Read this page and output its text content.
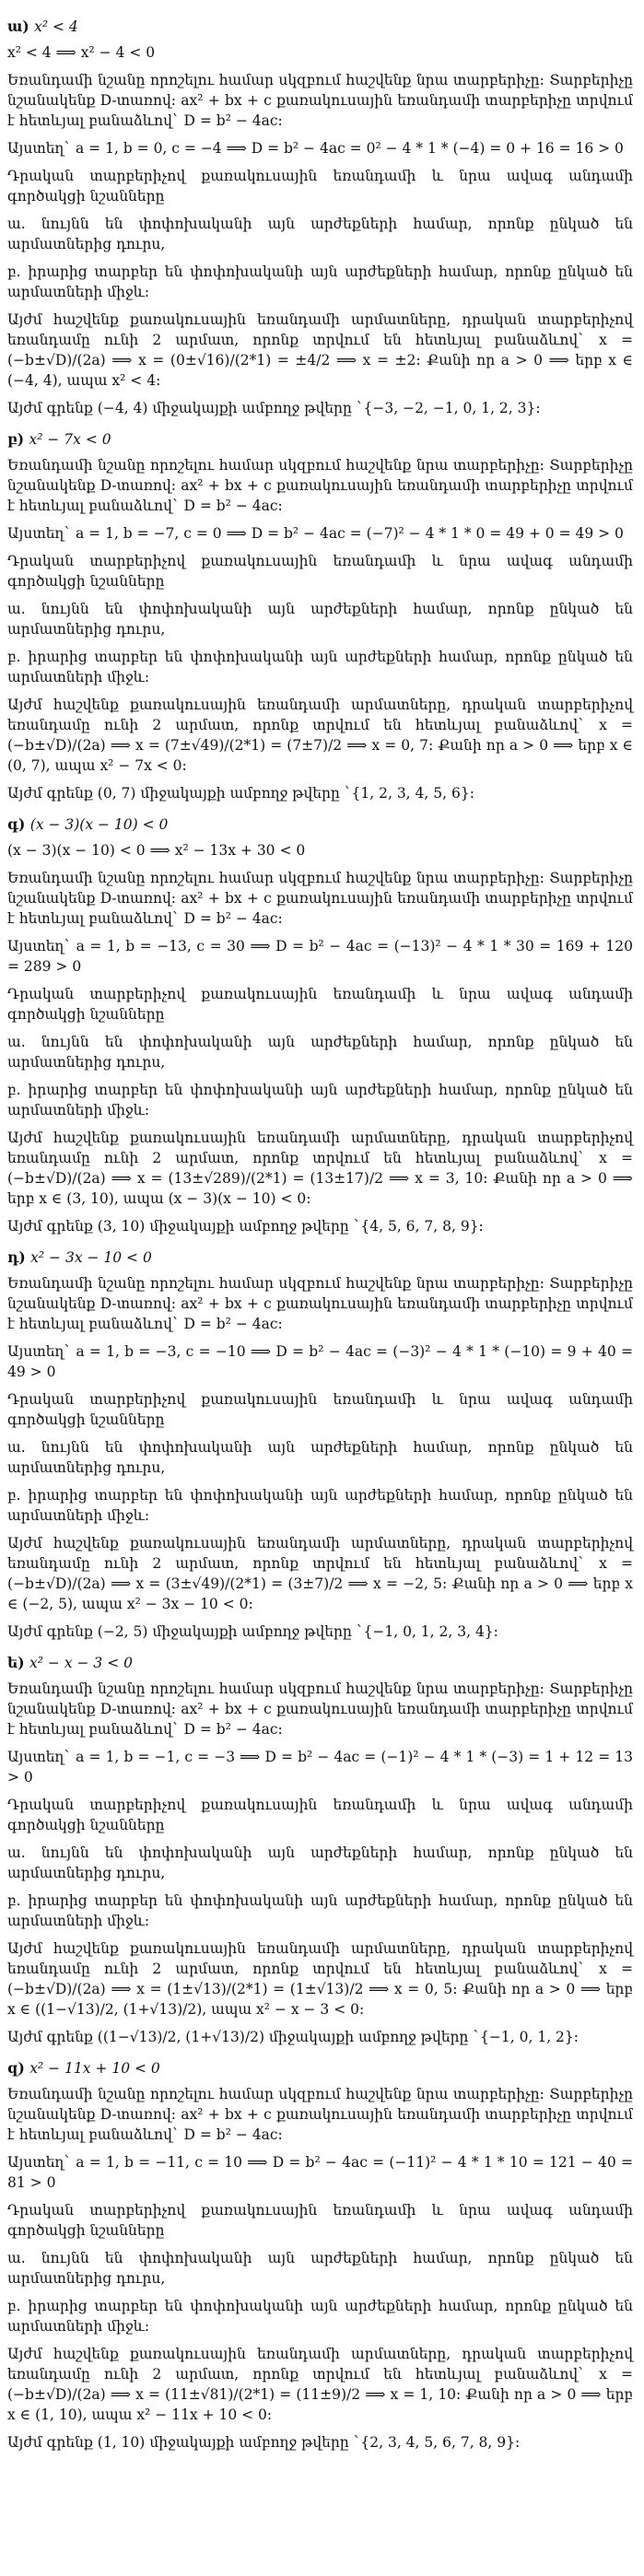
ա) x² < 4

x² < 4 ⟹ x² − 4 < 0

Եռանդամի նշանը որոշելու համար սկզբում հաշվենք նրա տարբերիչը: Տարբերիչը նշանակենք D-տառով: ax² + bx + c քառակուսային եռանդամի տարբերիչը տրվում է հետևյալ բանաձևով` D = b² − 4ac:

Այստեղ` a = 1, b = 0, c = −4 ⟹ D = b² − 4ac = 0² − 4 * 1 * (−4) = 0 + 16 = 16 > 0

Դրական տարբերիչով քառակուսային եռանդամի և նրա ավագ անդամի գործակցի նշանները

ա. նույնն են փոփոխականի այն արժեքների համար, որոնք ընկած են արմատներից դուրս,

բ. իրարից տարբեր են փոփոխականի այն արժեքների համար, որոնք ընկած են արմատների միջև:

Այժմ հաշվենք քառակուսային եռանդամի արմատները, դրական տարբերիչով եռանդամը ունի 2 արմատ, որոնք տրվում են հետևյալ բանաձևով` x = (−b±√D)/(2a) ⟹ x = (0±√16)/(2*1) = ±4/2 ⟹ x = ±2: Քանի որ a > 0 ⟹ երբ x ∈ (−4, 4), ապա x² < 4:

Այժմ գրենք (−4, 4) միջակայքի ամբողջ թվերը `{−3, −2, −1, 0, 1, 2, 3}:

բ) x² − 7x < 0

Եռանդամի նշանը որոշելու համար սկզբում հաշվենք նրա տարբերիչը: Տարբերիչը նշանակենք D-տառով: ax² + bx + c քառակուսային եռանդամի տարբերիչը տրվում է հետևյալ բանաձևով` D = b² − 4ac:

Այստեղ` a = 1, b = −7, c = 0 ⟹ D = b² − 4ac = (−7)² − 4 * 1 * 0 = 49 + 0 = 49 > 0

Դրական տարբերիչով քառակուսային եռանդամի և նրա ավագ անդամի գործակցի նշանները

ա. նույնն են փոփոխականի այն արժեքների համար, որոնք ընկած են արմատներից դուրս,

բ. իրարից տարբեր են փոփոխականի այն արժեքների համար, որոնք ընկած են արմատների միջև:

Այժմ հաշվենք քառակուսային եռանդամի արմատները, դրական տարբերիչով եռանդամը ունի 2 արմատ, որոնք տրվում են հետևյալ բանաձևով` x = (−b±√D)/(2a) ⟹ x = (7±√49)/(2*1) = (7±7)/2 ⟹ x = 0, 7: Քանի որ a > 0 ⟹ երբ x ∈ (0, 7), ապա x² − 7x < 0:

Այժմ գրենք (0, 7) միջակայքի ամբողջ թվերը `{1, 2, 3, 4, 5, 6}:

գ) (x − 3)(x − 10) < 0

(x − 3)(x − 10) < 0 ⟹ x² − 13x + 30 < 0

Եռանդամի նշանը որոշելու համար սկզբում հաշվենք նրա տարբերիչը: Տարբերիչը նշանակենք D-տառով: ax² + bx + c քառակուսային եռանդամի տարբերիչը տրվում է հետևյալ բանաձևով` D = b² − 4ac:

Այստեղ` a = 1, b = −13, c = 30 ⟹ D = b² − 4ac = (−13)² − 4 * 1 * 30 = 169 + 120 = 289 > 0

Դրական տարբերիչով քառակուսային եռանդամի և նրա ավագ անդամի գործակցի նշանները

ա. նույնն են փոփոխականի այն արժեքների համար, որոնք ընկած են արմատներից դուրս,

բ. իրարից տարբեր են փոփոխականի այն արժեքների համար, որոնք ընկած են արմատների միջև:

Այժմ հաշվենք քառակուսային եռանդամի արմատները, դրական տարբերիչով եռանդամը ունի 2 արմատ, որոնք տրվում են հետևյալ բանաձևով` x = (−b±√D)/(2a) ⟹ x = (13±√289)/(2*1) = (13±17)/2 ⟹ x = 3, 10: Քանի որ a > 0 ⟹ երբ x ∈ (3, 10), ապա (x − 3)(x − 10) < 0:

Այժմ գրենք (3, 10) միջակայքի ամբողջ թվերը `{4, 5, 6, 7, 8, 9}:

դ) x² − 3x − 10 < 0

Եռանդամի նշանը որոշելու համար սկզբում հաշվենք նրա տարբերիչը: Տարբերիչը նշանակենք D-տառով: ax² + bx + c քառակուսային եռանդամի տարբերիչը տրվում է հետևյալ բանաձևով` D = b² − 4ac:

Այստեղ` a = 1, b = −3, c = −10 ⟹ D = b² − 4ac = (−3)² − 4 * 1 * (−10) = 9 + 40 = 49 > 0

Դրական տարբերիչով քառակուսային եռանդամի և նրա ավագ անդամի գործակցի նշանները

ա. նույնն են փոփոխականի այն արժեքների համար, որոնք ընկած են արմատներից դուրս,

բ. իրարից տարբեր են փոփոխականի այն արժեքների համար, որոնք ընկած են արմատների միջև:

Այժմ հաշվենք քառակուսային եռանդամի արմատները, դրական տարբերիչով եռանդամը ունի 2 արմատ, որոնք տրվում են հետևյալ բանաձևով` x = (−b±√D)/(2a) ⟹ x = (3±√49)/(2*1) = (3±7)/2 ⟹ x = −2, 5: Քանի որ a > 0 ⟹ երբ x ∈ (−2, 5), ապա x² − 3x − 10 < 0:

Այժմ գրենք (−2, 5) միջակայքի ամբողջ թվերը `{−1, 0, 1, 2, 3, 4}:

ե) x² − x − 3 < 0

Եռանդամի նշանը որոշելու համար սկզբում հաշվենք նրա տարբերիչը: Տարբերիչը նշանակենք D-տառով: ax² + bx + c քառակուսային եռանդամի տարբերիչը տրվում է հետևյալ բանաձևով` D = b² − 4ac:

Այստեղ` a = 1, b = −1, c = −3 ⟹ D = b² − 4ac = (−1)² − 4 * 1 * (−3) = 1 + 12 = 13 > 0

Դրական տարբերիչով քառակուսային եռանդամի և նրա ավագ անդամի գործակցի նշանները

ա. նույնն են փոփոխականի այն արժեքների համար, որոնք ընկած են արմատներից դուրս,

բ. իրարից տարբեր են փոփոխականի այն արժեքների համար, որոնք ընկած են արմատների միջև:

Այժմ հաշվենք քառակուսային եռանդամի արմատները, դրական տարբերիչով եռանդամը ունի 2 արմատ, որոնք տրվում են հետևյալ բանաձևով` x = (−b±√D)/(2a) ⟹ x = (1±√13)/(2*1) = (1±√13)/2 ⟹ x = 0, 5: Քանի որ a > 0 ⟹ երբ x ∈ ((1−√13)/2, (1+√13)/2), ապա x² − x − 3 < 0:

Այժմ գրենք ((1−√13)/2, (1+√13)/2) միջակայքի ամբողջ թվերը `{−1, 0, 1, 2}:

զ) x² − 11x + 10 < 0

Եռանդամի նշանը որոշելու համար սկզբում հաշվենք նրա տարբերիչը: Տարբերիչը նշանակենք D-տառով: ax² + bx + c քառակուսային եռանդամի տարբերիչը տրվում է հետևյալ բանաձևով` D = b² − 4ac:

Այստեղ` a = 1, b = −11, c = 10 ⟹ D = b² − 4ac = (−11)² − 4 * 1 * 10 = 121 − 40 = 81 > 0

Դրական տարբերիչով քառակուսային եռանդամի և նրա ավագ անդամի գործակցի նշանները

ա. նույնն են փոփոխականի այն արժեքների համար, որոնք ընկած են արմատներից դուրս,

բ. իրարից տարբեր են փոփոխականի այն արժեքների համար, որոնք ընկած են արմատների միջև:

Այժմ հաշվենք քառակուսային եռանդամի արմատները, դրական տարբերիչով եռանդամը ունի 2 արմատ, որոնք տրվում են հետևյալ բանաձևով` x = (−b±√D)/(2a) ⟹ x = (11±√81)/(2*1) = (11±9)/2 ⟹ x = 1, 10: Քանի որ a > 0 ⟹ երբ x ∈ (1, 10), ապա x² − 11x + 10 < 0:

Այժմ գրենք (1, 10) միջակայքի ամբողջ թվերը `{2, 3, 4, 5, 6, 7, 8, 9}:
